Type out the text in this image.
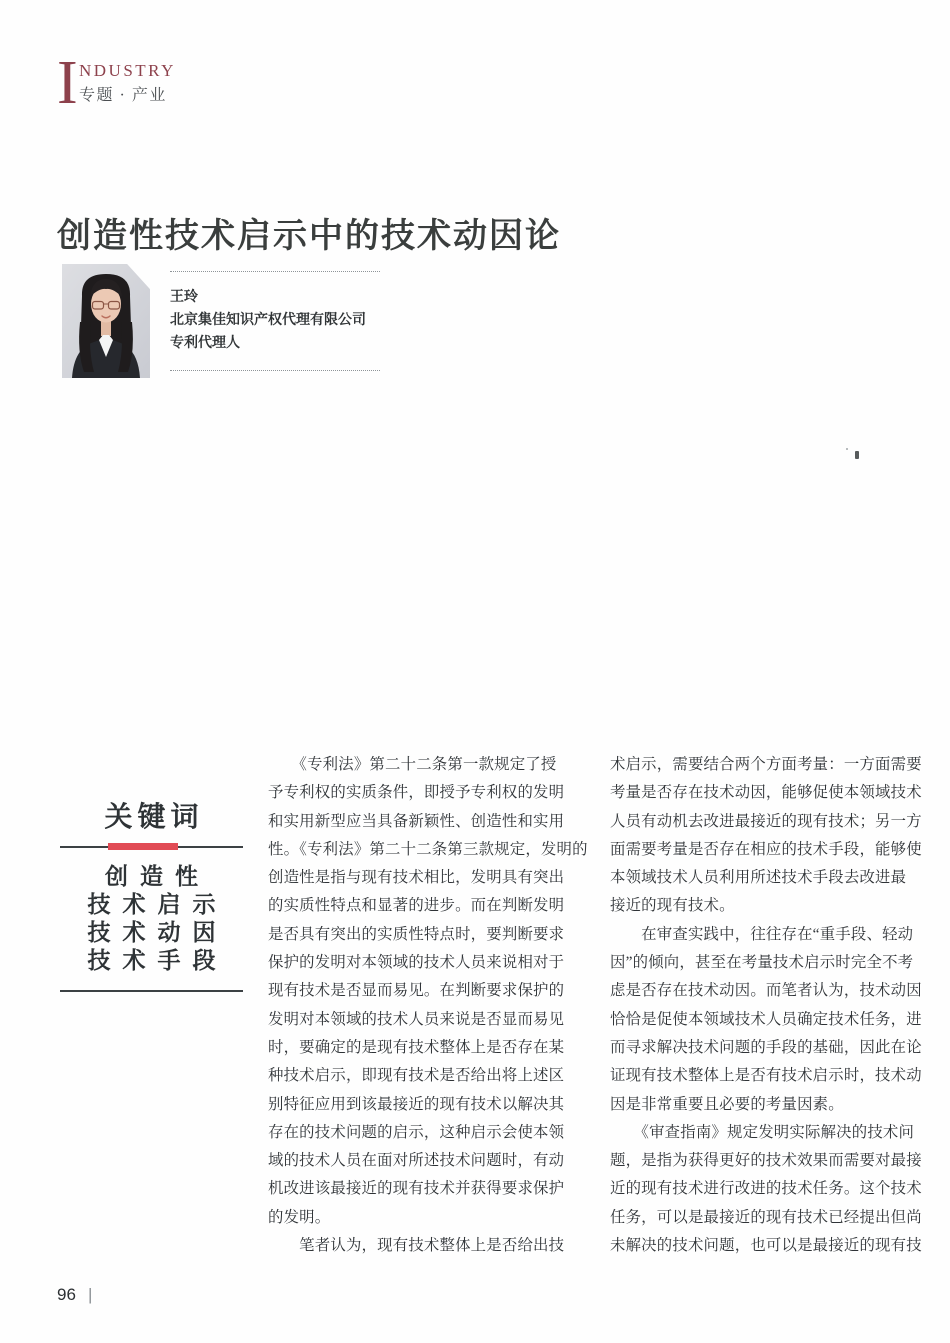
I NDUSTRY
专题 · 产业
创造性技术启示中的技术动因论
王玲
北京集佳知识产权代理有限公司
专利代理人
关键词
创造性
技术启示
技术动因
技术手段
　　《专利法》第二十二条第一款规定了授
予专利权的实质条件，即授予专利权的发明
和实用新型应当具备新颖性、创造性和实用
性。《专利法》第二十二条第三款规定，发明的
创造性是指与现有技术相比，发明具有突出
的实质性特点和显著的进步。而在判断发明
是否具有突出的实质性特点时，要判断要求
保护的发明对本领域的技术人员来说相对于
现有技术是否显而易见。在判断要求保护的
发明对本领域的技术人员来说是否显而易见
时，要确定的是现有技术整体上是否存在某
种技术启示，即现有技术是否给出将上述区
别特征应用到该最接近的现有技术以解决其
存在的技术问题的启示，这种启示会使本领
域的技术人员在面对所述技术问题时，有动
机改进该最接近的现有技术并获得要求保护
的发明。
　　笔者认为，现有技术整体上是否给出技
术启示，需要结合两个方面考量：一方面需要
考量是否存在技术动因，能够促使本领域技术
人员有动机去改进最接近的现有技术；另一方
面需要考量是否存在相应的技术手段，能够使
本领域技术人员利用所述技术手段去改进最
接近的现有技术。
　　在审查实践中，往往存在“重手段、轻动
因”的倾向，甚至在考量技术启示时完全不考
虑是否存在技术动因。而笔者认为，技术动因
恰恰是促使本领域技术人员确定技术任务，进
而寻求解决技术问题的手段的基础，因此在论
证现有技术整体上是否有技术启示时，技术动
因是非常重要且必要的考量因素。
　　《审查指南》规定发明实际解决的技术问
题，是指为获得更好的技术效果而需要对最接
近的现有技术进行改进的技术任务。这个技术
任务，可以是最接近的现有技术已经提出但尚
未解决的技术问题，也可以是最接近的现有技
96 |
